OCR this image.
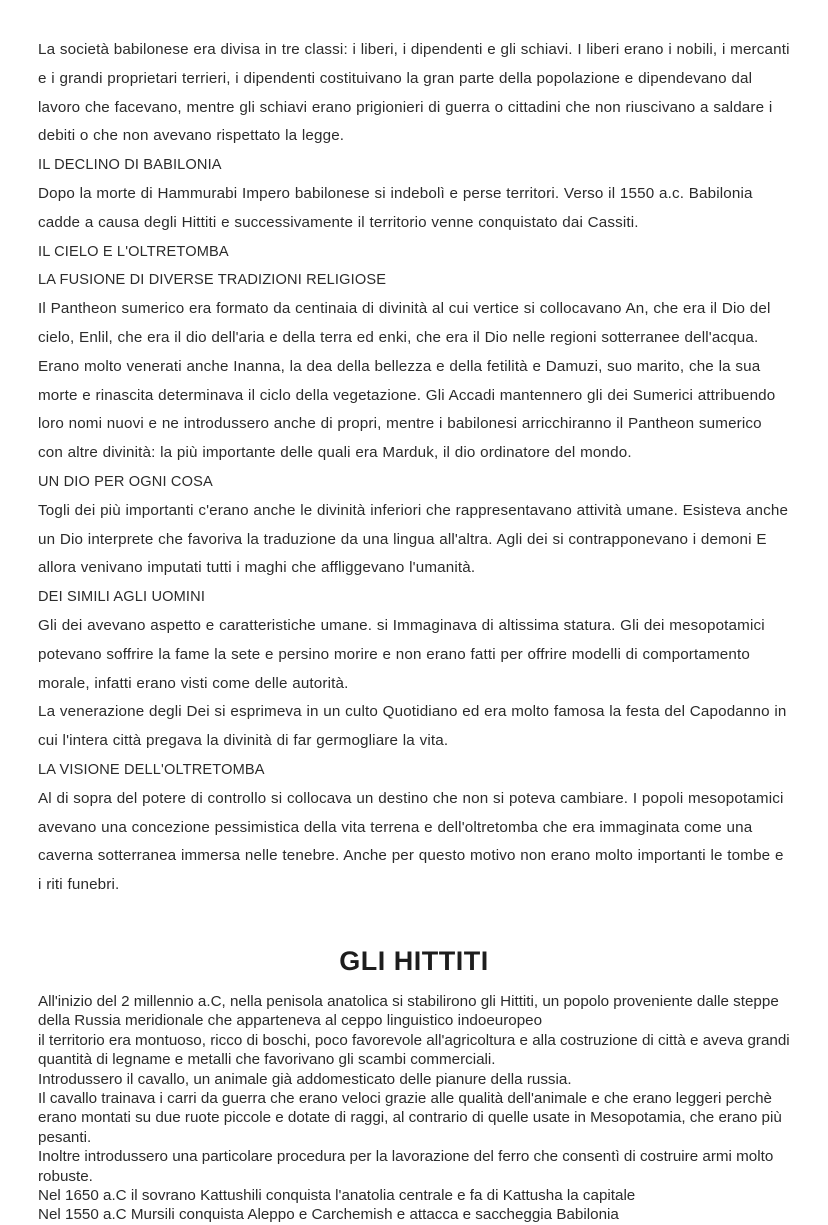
La società babilonese era divisa in tre classi: i liberi, i dipendenti e gli schiavi. I liberi erano i nobili, i mercanti e i grandi proprietari terrieri, i dipendenti costituivano la gran parte della popolazione e dipendevano dal lavoro che facevano, mentre gli schiavi erano prigionieri di guerra o cittadini che non riuscivano a saldare i debiti o che non avevano rispettato la legge.

IL DECLINO DI BABILONIA

Dopo la morte di Hammurabi Impero babilonese si indebolì e perse territori. Verso il 1550 a.c. Babilonia cadde a causa degli Hittiti e successivamente il territorio venne conquistato dai Cassiti.

IL CIELO E L'OLTRETOMBA
LA FUSIONE DI DIVERSE TRADIZIONI RELIGIOSE

Il Pantheon sumerico era formato da centinaia di divinità al cui vertice si collocavano An, che era il Dio del cielo, Enlil, che era il dio dell'aria e della terra ed enki, che era il Dio nelle regioni sotterranee dell'acqua. Erano molto venerati anche Inanna, la dea della bellezza e della fetilità e Damuzi, suo marito, che la sua morte e rinascita determinava il ciclo della vegetazione. Gli Accadi mantennero gli dei Sumerici attribuendo loro nomi nuovi e ne introdussero anche di propri, mentre i babilonesi arricchiranno il Pantheon sumerico con altre divinità: la più importante delle quali era Marduk, il dio ordinatore del mondo.

UN DIO PER OGNI COSA

Togli dei più importanti c'erano anche le divinità inferiori che rappresentavano attività umane. Esisteva anche un Dio interprete che favoriva la traduzione da una lingua all'altra. Agli dei si contrapponevano i demoni E allora venivano imputati tutti i maghi che affliggevano l'umanità.

DEI SIMILI AGLI UOMINI

Gli dei avevano aspetto e caratteristiche umane. si Immaginava di altissima statura. Gli dei mesopotamici potevano soffrire la fame la sete e persino morire e non erano fatti per offrire modelli di comportamento morale, infatti erano visti come delle autorità.

La venerazione degli Dei si esprimeva in un culto Quotidiano ed era molto famosa la festa del Capodanno in cui l'intera città pregava la divinità di far germogliare la vita.

LA VISIONE DELL'OLTRETOMBA

Al di sopra del potere di controllo si collocava un destino che non si poteva cambiare. I popoli mesopotamici avevano una concezione pessimistica della vita terrena e dell'oltretomba che era immaginata come una caverna sotterranea immersa nelle tenebre. Anche per questo motivo non erano molto importanti le tombe e i riti funebri.

GLI HITTITI

All'inizio del 2 millennio a.C, nella penisola anatolica si stabilirono gli Hittiti, un popolo proveniente dalle steppe della Russia meridionale che apparteneva al ceppo linguistico indoeuropeo

il territorio era montuoso, ricco di boschi, poco favorevole all'agricoltura e alla costruzione di città e aveva grandi quantità di legname e metalli che favorivano gli scambi commerciali.

Introdussero il cavallo, un animale già addomesticato delle pianure della russia.

Il cavallo trainava i carri da guerra che erano veloci grazie alle qualità dell'animale e che erano leggeri perchè erano montati su due ruote piccole e dotate di raggi, al contrario di quelle usate in Mesopotamia, che erano più pesanti.

Inoltre introdussero una particolare procedura per la lavorazione del ferro che consentì di costruire armi molto robuste.

Nel 1650 a.C il sovrano Kattushili conquista l'anatolia centrale e fa di Kattusha la capitale

Nel 1550 a.C Mursili conquista Aleppo e Carchemish e attacca e saccheggia Babilonia
